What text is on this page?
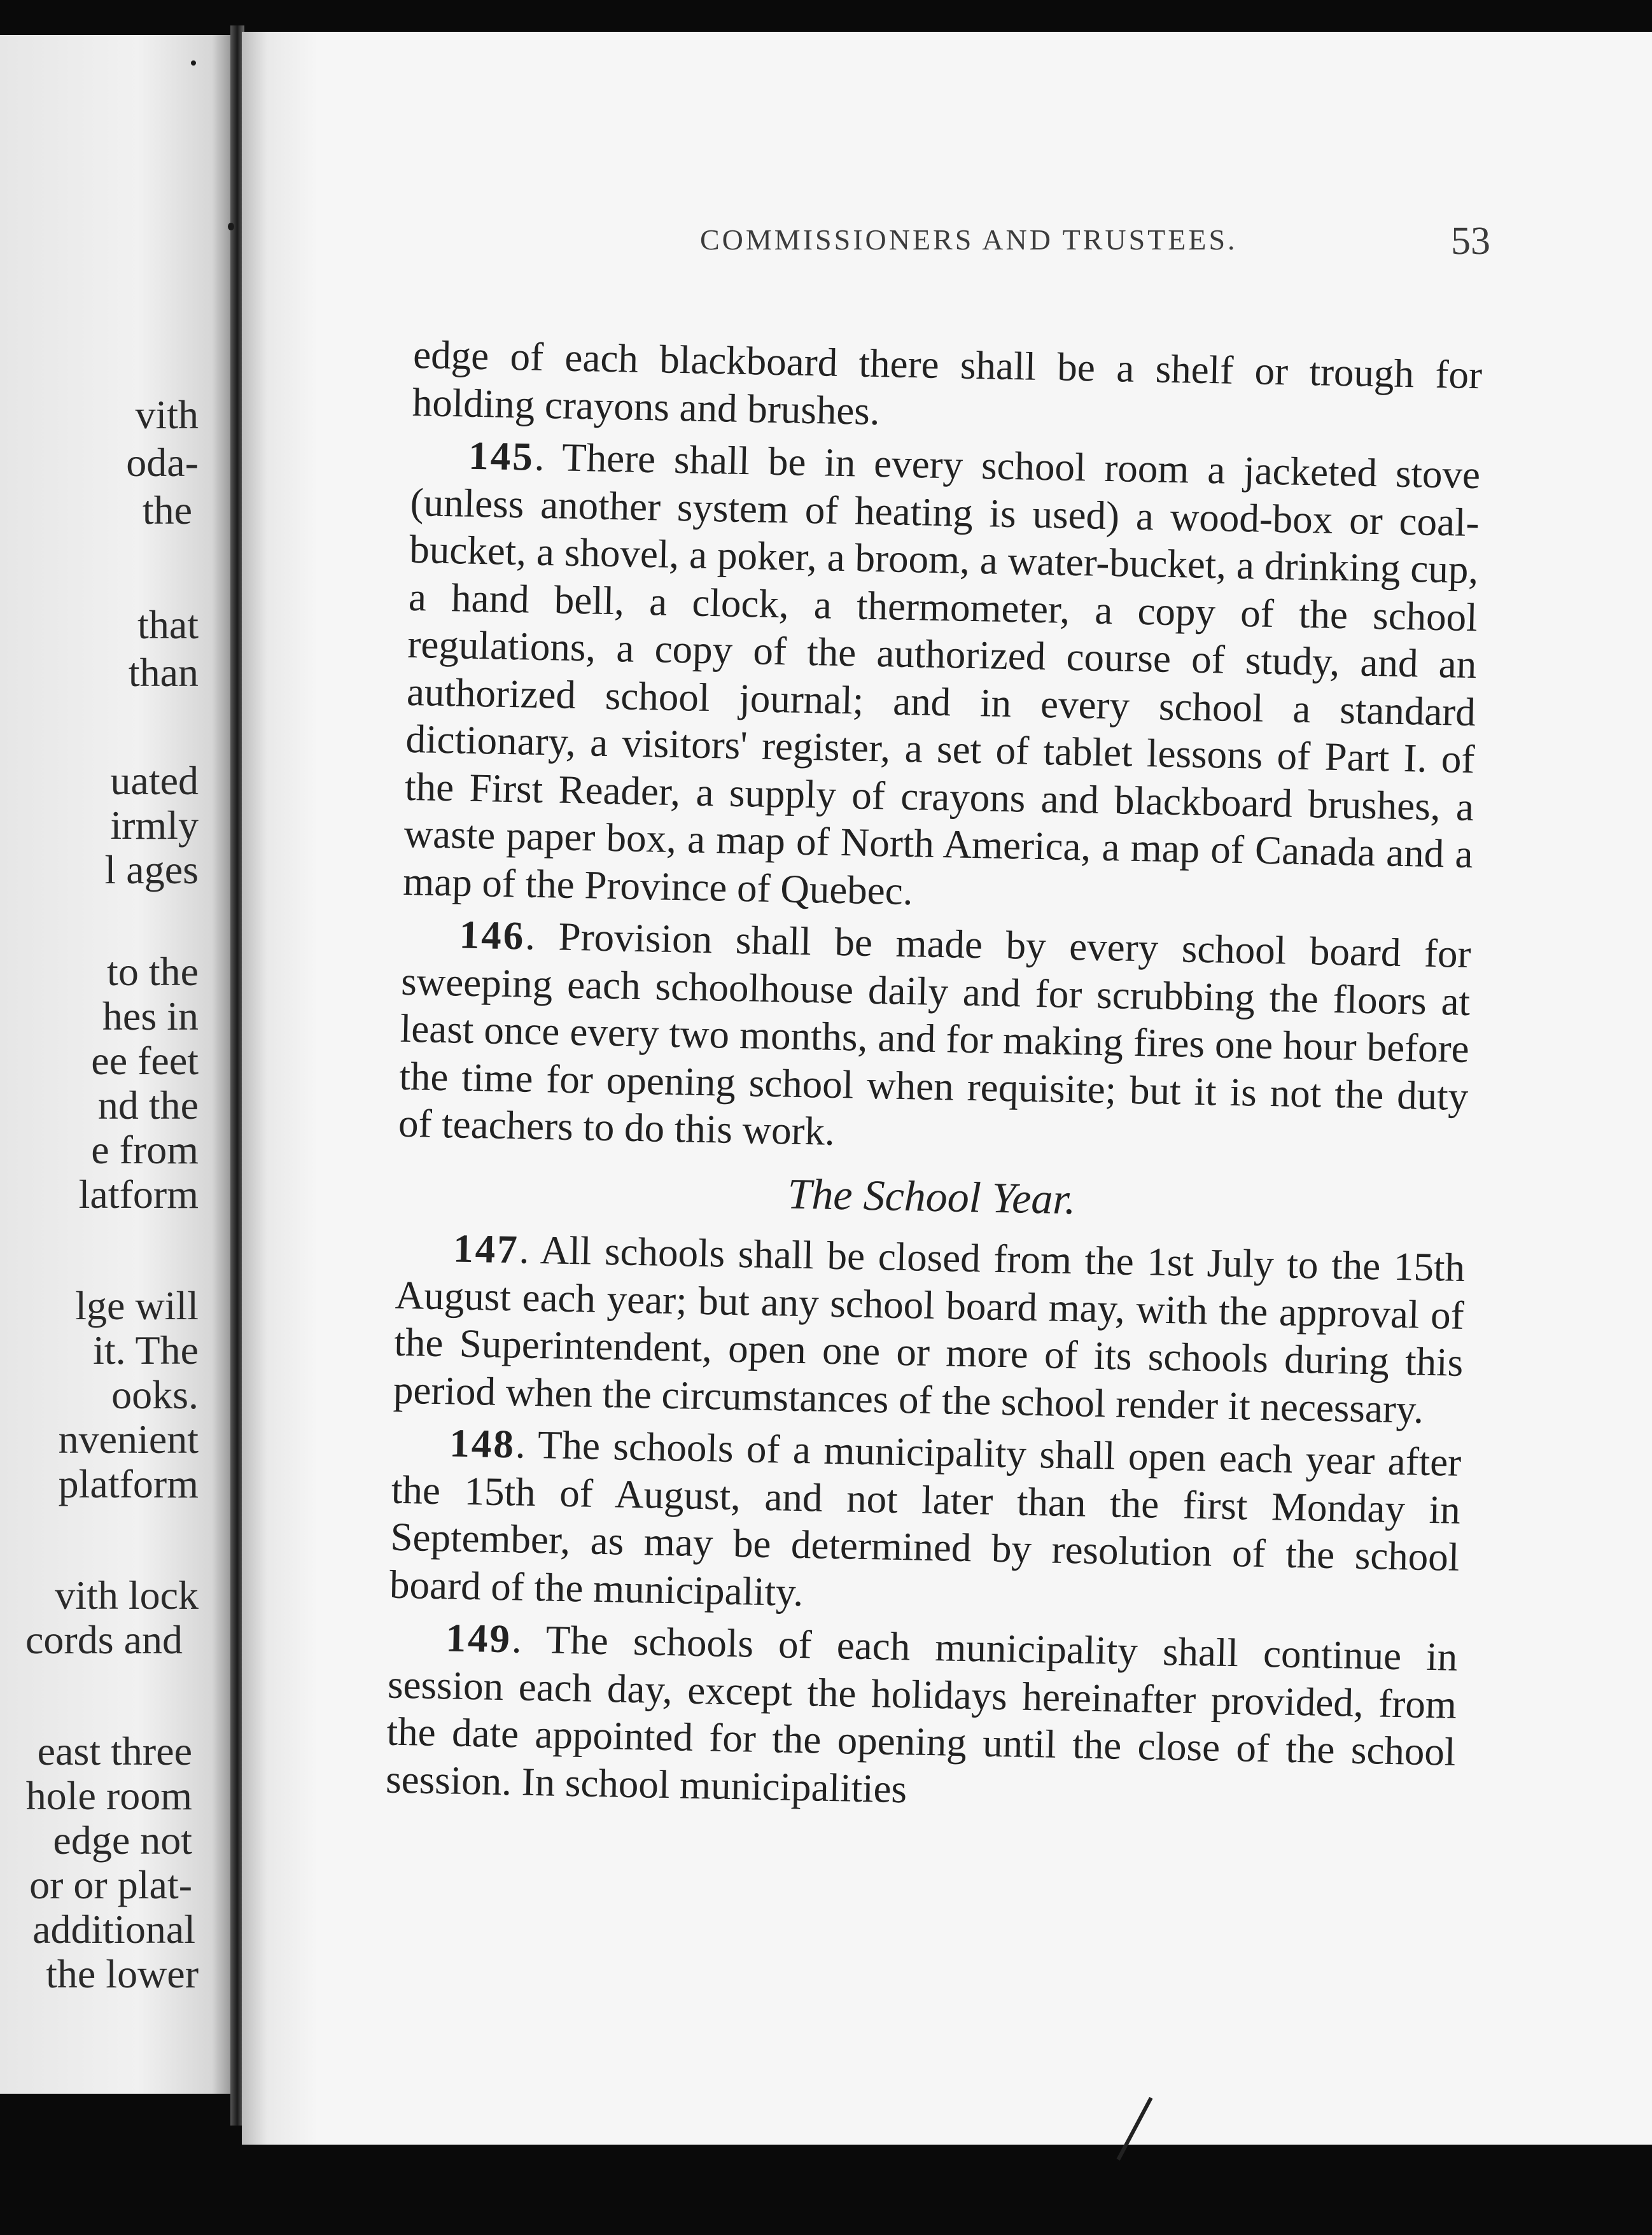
vith
oda-
the
that
than
uated
irmly
l ages
to the
hes in
ee feet
nd the
e from
latform
lge will
it. The
ooks.
nvenient
platform
vith lock
cords and
east three
hole room
edge not
or or plat-
additional
the lower
COMMISSIONERS AND TRUSTEES.	53

edge of each blackboard there shall be a shelf or trough for holding crayons and brushes.

145. There shall be in every school room a jacketed stove (unless another system of heating is used) a wood-box or coal-bucket, a shovel, a poker, a broom, a water-bucket, a drinking cup, a hand bell, a clock, a thermometer, a copy of the school regulations, a copy of the authorized course of study, and an authorized school journal; and in every school a standard dictionary, a visitors' register, a set of tablet lessons of Part I. of the First Reader, a supply of crayons and blackboard brushes, a waste paper box, a map of North America, a map of Canada and a map of the Province of Quebec.

146. Provision shall be made by every school board for sweeping each schoolhouse daily and for scrubbing the floors at least once every two months, and for making fires one hour before the time for opening school when requisite; but it is not the duty of teachers to do this work.

The School Year.

147. All schools shall be closed from the 1st July to the 15th August each year; but any school board may, with the approval of the Superintendent, open one or more of its schools during this period when the circumstances of the school render it necessary.

148. The schools of a municipality shall open each year after the 15th of August, and not later than the first Monday in September, as may be determined by resolution of the school board of the municipality.

149. The schools of each municipality shall continue in session each day, except the holidays hereinafter provided, from the date appointed for the opening until the close of the school session. In school municipalities
